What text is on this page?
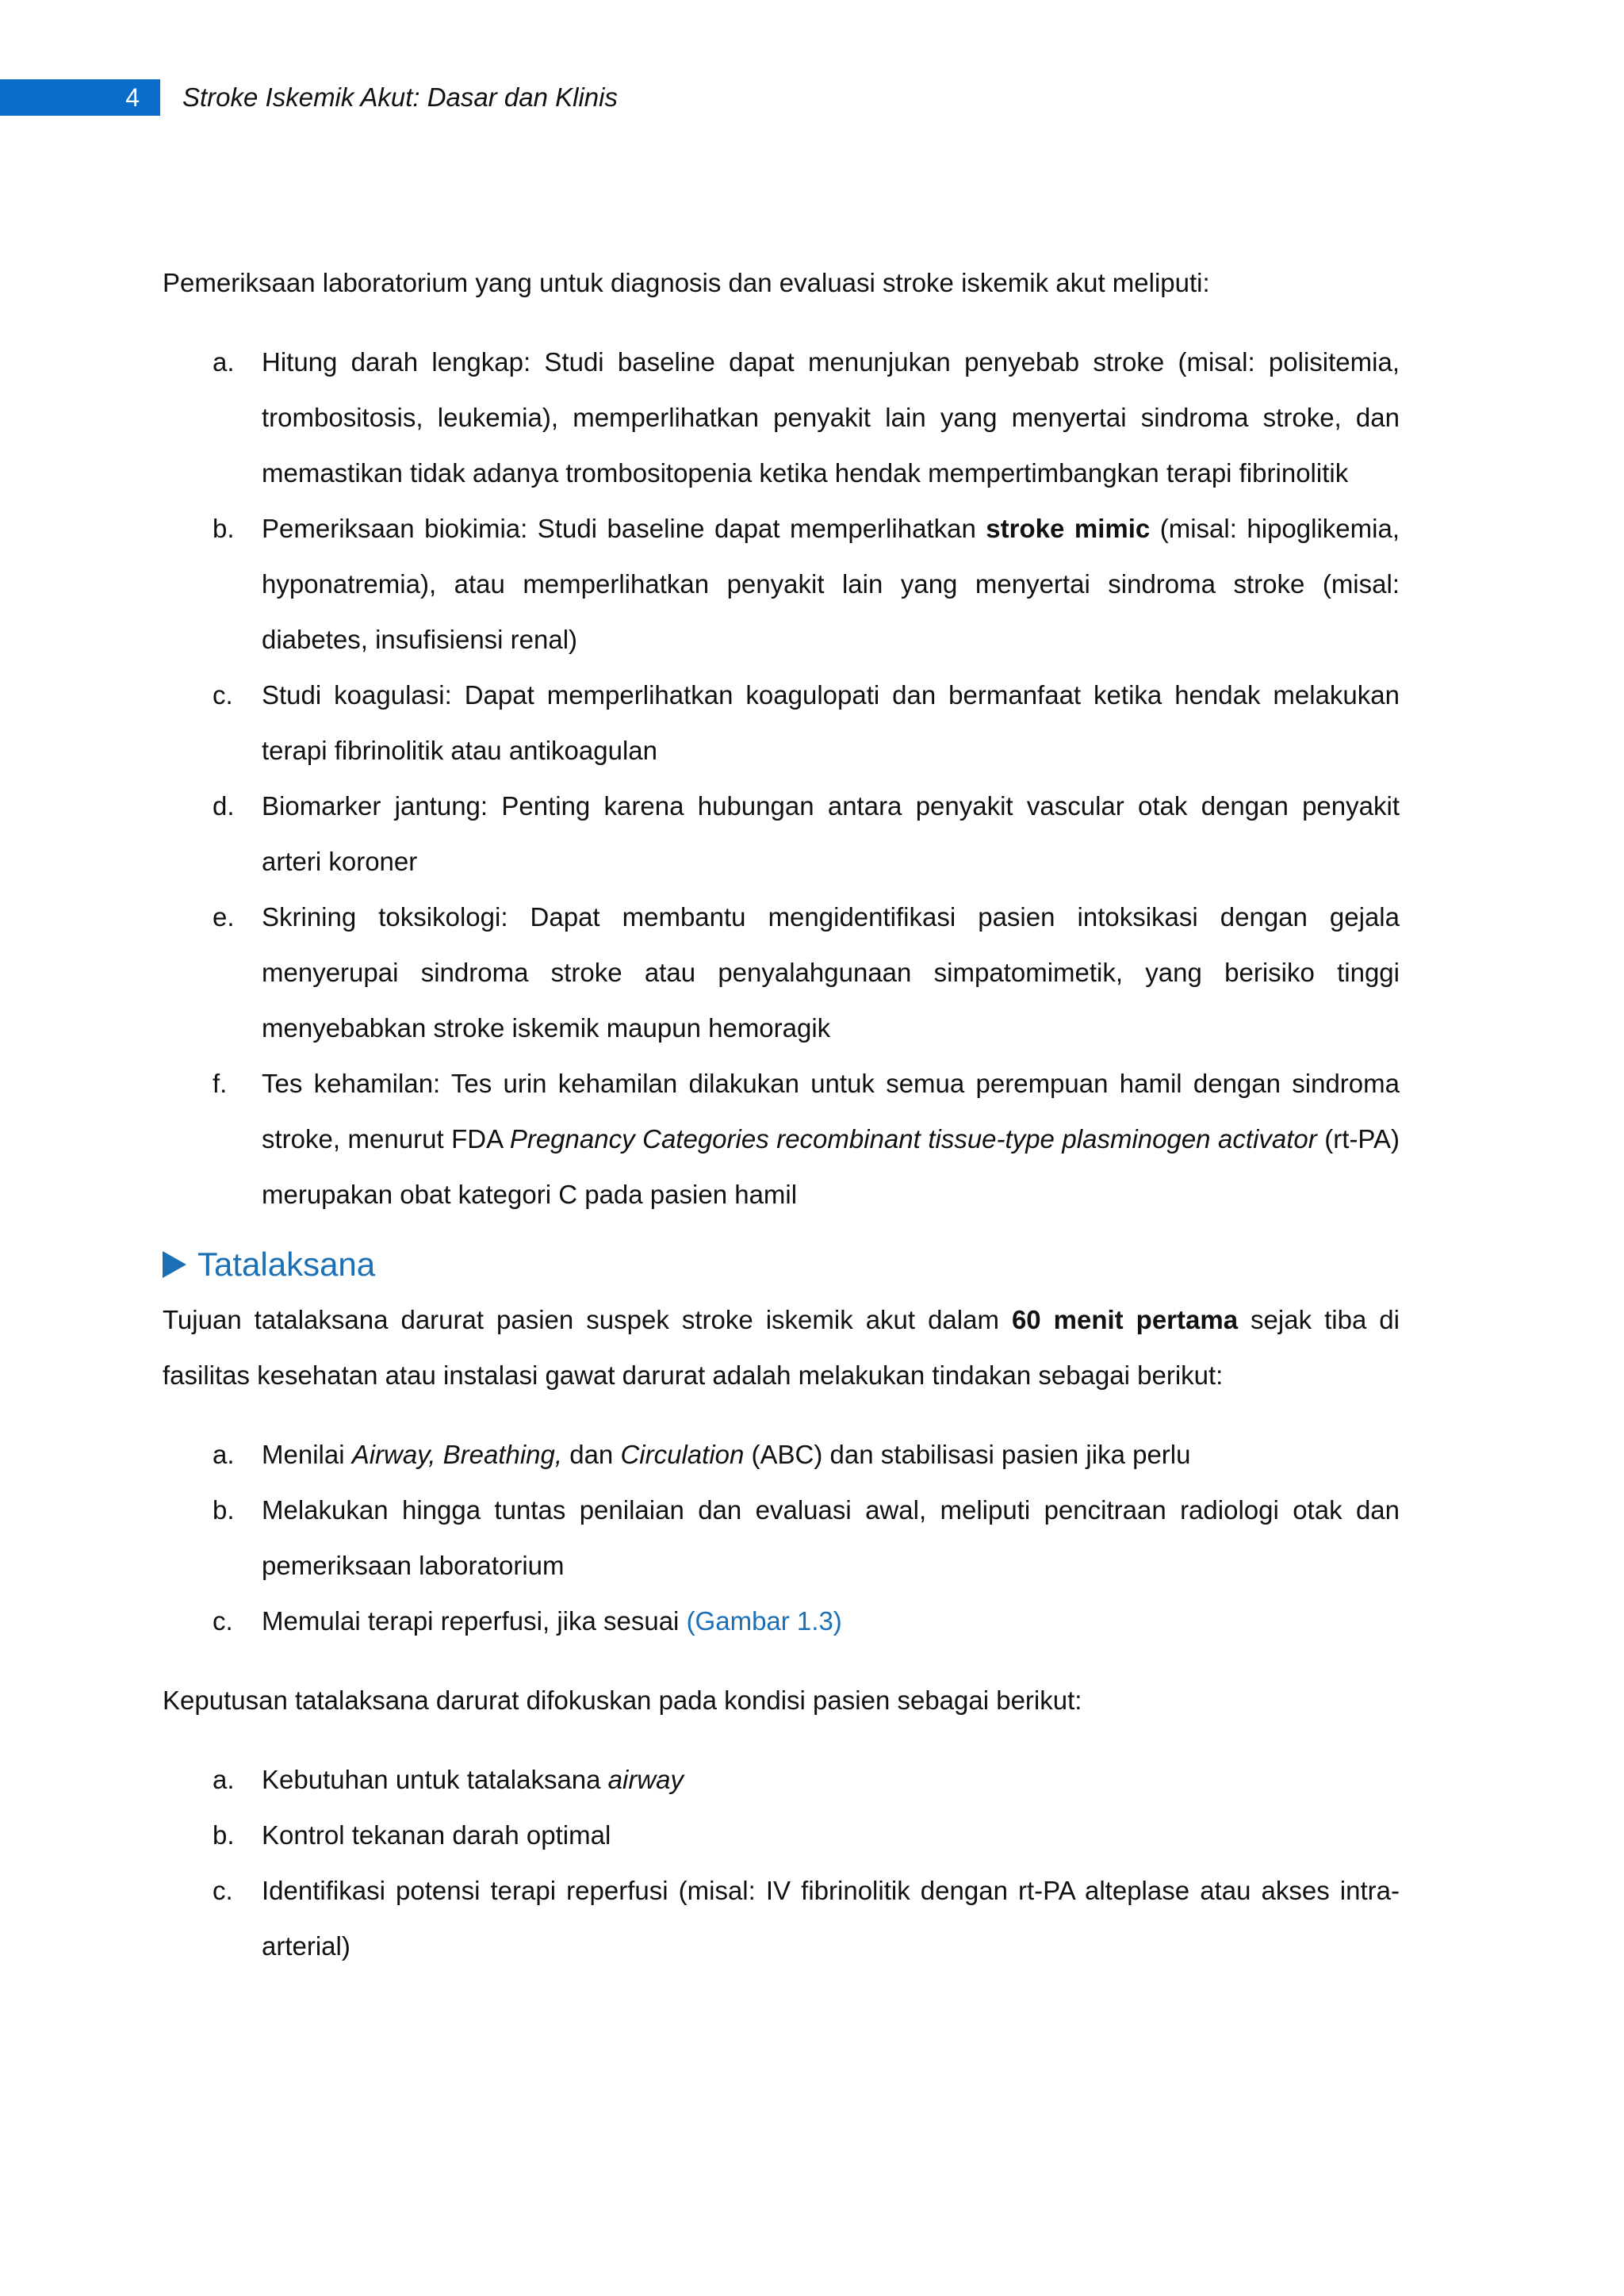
4 Stroke Iskemik Akut: Dasar dan Klinis

Pemeriksaan laboratorium yang untuk diagnosis dan evaluasi stroke iskemik akut meliputi:

a. Hitung darah lengkap: Studi baseline dapat menunjukan penyebab stroke (misal: polisitemia, trombositosis, leukemia), memperlihatkan penyakit lain yang menyertai sindroma stroke, dan memastikan tidak adanya trombositopenia ketika hendak mempertimbangkan terapi fibrinolitik
b. Pemeriksaan biokimia: Studi baseline dapat memperlihatkan stroke mimic (misal: hipoglikemia, hyponatremia), atau memperlihatkan penyakit lain yang menyertai sindroma stroke (misal: diabetes, insufisiensi renal)
c. Studi koagulasi: Dapat memperlihatkan koagulopati dan bermanfaat ketika hendak melakukan terapi fibrinolitik atau antikoagulan
d. Biomarker jantung: Penting karena hubungan antara penyakit vascular otak dengan penyakit arteri koroner
e. Skrining toksikologi: Dapat membantu mengidentifikasi pasien intoksikasi dengan gejala menyerupai sindroma stroke atau penyalahgunaan simpatomimetik, yang berisiko tinggi menyebabkan stroke iskemik maupun hemoragik
f. Tes kehamilan: Tes urin kehamilan dilakukan untuk semua perempuan hamil dengan sindroma stroke, menurut FDA Pregnancy Categories recombinant tissue-type plasminogen activator (rt-PA) merupakan obat kategori C pada pasien hamil
Tatalaksana

Tujuan tatalaksana darurat pasien suspek stroke iskemik akut dalam 60 menit pertama sejak tiba di fasilitas kesehatan atau instalasi gawat darurat adalah melakukan tindakan sebagai berikut:

a. Menilai Airway, Breathing, dan Circulation (ABC) dan stabilisasi pasien jika perlu
b. Melakukan hingga tuntas penilaian dan evaluasi awal, meliputi pencitraan radiologi otak dan pemeriksaan laboratorium
c. Memulai terapi reperfusi, jika sesuai (Gambar 1.3)

Keputusan tatalaksana darurat difokuskan pada kondisi pasien sebagai berikut:

a. Kebutuhan untuk tatalaksana airway
b. Kontrol tekanan darah optimal
c. Identifikasi potensi terapi reperfusi (misal: IV fibrinolitik dengan rt-PA alteplase atau akses intra-arterial)
